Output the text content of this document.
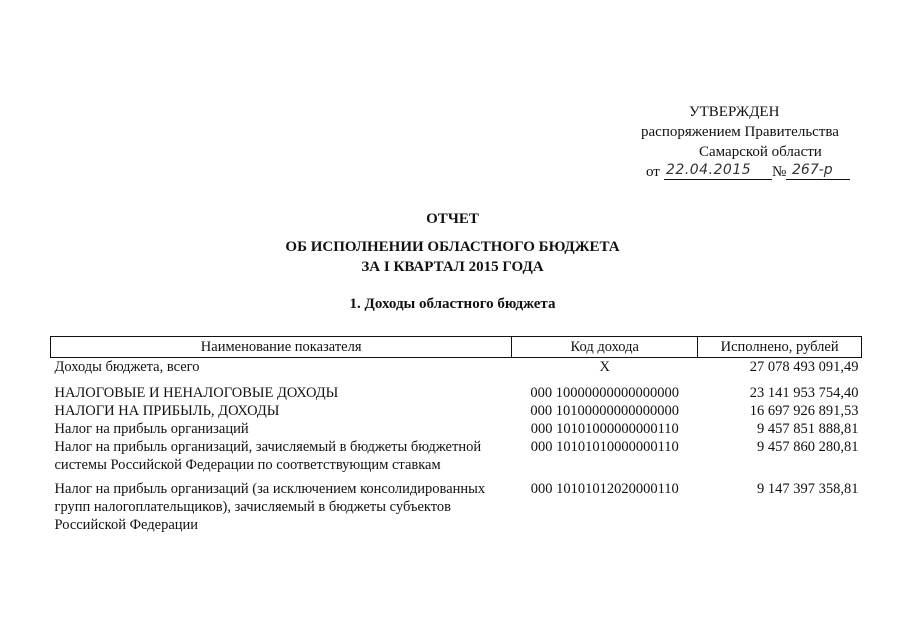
УТВЕРЖДЕН
распоряжением Правительства
Самарской области
от 22.04.2015 № 267-р
ОТЧЕТ
ОБ ИСПОЛНЕНИИ ОБЛАСТНОГО БЮДЖЕТА
ЗА I КВАРТАЛ 2015 ГОДА
1. Доходы областного бюджета
Наименование показателя	Код дохода	Исполнено, рублей
Доходы бюджета, всего	X	27 078 493 091,49
НАЛОГОВЫЕ И НЕНАЛОГОВЫЕ ДОХОДЫ	000 10000000000000000	23 141 953 754,40
НАЛОГИ НА ПРИБЫЛЬ, ДОХОДЫ	000 10100000000000000	16 697 926 891,53
Налог на прибыль организаций	000 10101000000000110	9 457 851 888,81
Налог на прибыль организаций, зачисляемый в бюджеты бюджетной системы Российской Федерации по соответствующим ставкам	000 10101010000000110	9 457 860 280,81
Налог на прибыль организаций (за исключением консолидированных групп налогоплательщиков), зачисляемый в бюджеты субъектов Российской Федерации	000 10101012020000110	9 147 397 358,81
